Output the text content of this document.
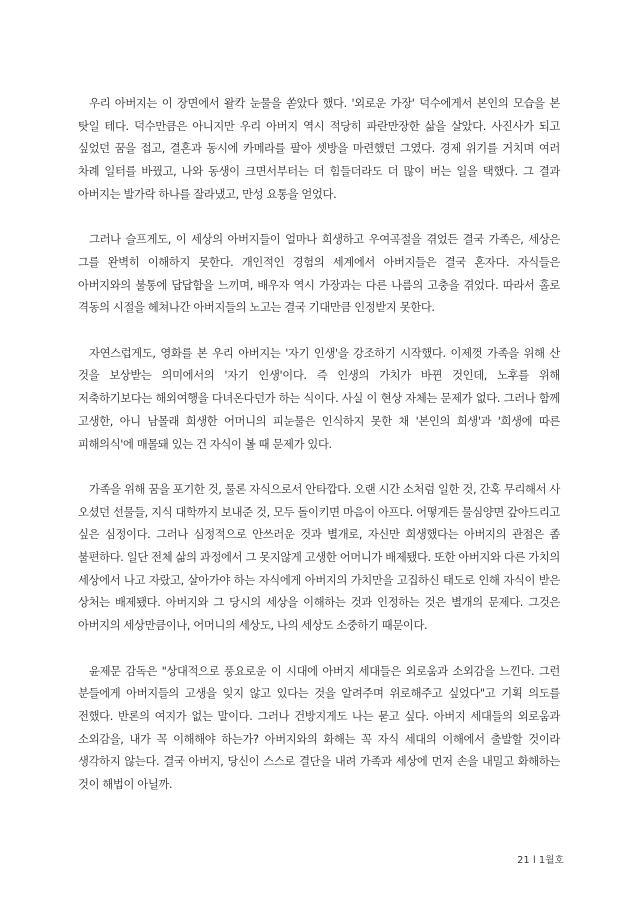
우리 아버지는 이 장면에서 왈칵 눈물을 쏟았다 했다. '외로운 가장' 덕수에게서 본인의 모습을 본 탓일 테다. 덕수만큼은 아니지만 우리 아버지 역시 적당히 파란만장한 삶을 살았다. 사진사가 되고 싶었던 꿈을 접고, 결혼과 동시에 카메라를 팔아 셋방을 마련했던 그였다. 경제 위기를 거치며 여러 차례 일터를 바꿨고, 나와 동생이 크면서부터는 더 힘들더라도 더 많이 버는 일을 택했다. 그 결과 아버지는 발가락 하나를 잘라냈고, 만성 요통을 얻었다.

그러나 슬프게도, 이 세상의 아버지들이 얼마나 희생하고 우여곡절을 겪었든 결국 가족은, 세상은 그를 완벽히 이해하지 못한다. 개인적인 경험의 세계에서 아버지들은 결국 혼자다. 자식들은 아버지와의 불통에 답답함을 느끼며, 배우자 역시 가장과는 다른 나름의 고충을 겪었다. 따라서 홀로 격동의 시절을 헤쳐나간 아버지들의 노고는 결국 기대만큼 인정받지 못한다.

자연스럽게도, 영화를 본 우리 아버지는 '자기 인생'을 강조하기 시작했다. 이제껏 가족을 위해 산 것을 보상받는 의미에서의 '자기 인생'이다. 즉 인생의 가치가 바뀐 것인데, 노후를 위해 저축하기보다는 해외여행을 다녀온다던가 하는 식이다. 사실 이 현상 자체는 문제가 없다. 그러나 함께 고생한, 아니 남몰래 희생한 어머니의 피눈물은 인식하지 못한 채 '본인의 희생'과 '희생에 따른 피해의식'에 매몰돼 있는 건 자식이 볼 때 문제가 있다.

가족을 위해 꿈을 포기한 것, 물론 자식으로서 안타깝다. 오랜 시간 소처럼 일한 것, 간혹 무리해서 사 오셨던 선물들, 지식 대학까지 보내준 것, 모두 돌이키면 마음이 아프다. 어떻게든 물심양면 갚아드리고 싶은 심정이다. 그러나 심정적으로 안쓰러운 것과 별개로, 자신만 희생했다는 아버지의 관점은 좀 불편하다. 일단 전체 삶의 과정에서 그 못지않게 고생한 어머니가 배제됐다. 또한 아버지와 다른 가치의 세상에서 나고 자랐고, 살아가야 하는 자식에게 아버지의 가치만을 고집하신 태도로 인해 자식이 받은 상처는 배제됐다. 아버지와 그 당시의 세상을 이해하는 것과 인정하는 것은 별개의 문제다. 그것은 아버지의 세상만큼이나, 어머니의 세상도, 나의 세상도 소중하기 때문이다.

윤제문 감독은 "상대적으로 풍요로운 이 시대에 아버지 세대들은 외로움과 소외감을 느낀다. 그런 분들에게 아버지들의 고생을 잊지 않고 있다는 것을 알려주며 위로해주고 싶었다"고 기획 의도를 전했다. 반론의 여지가 없는 말이다. 그러나 건방지게도 나는 묻고 싶다. 아버지 세대들의 외로움과 소외감을, 내가 꼭 이해해야 하는가? 아버지와의 화해는 꼭 자식 세대의 이해에서 출발할 것이라 생각하지 않는다. 결국 아버지, 당신이 스스로 결단을 내려 가족과 세상에 먼저 손을 내밀고 화해하는 것이 해법이 아닐까.

21 l 1월호
